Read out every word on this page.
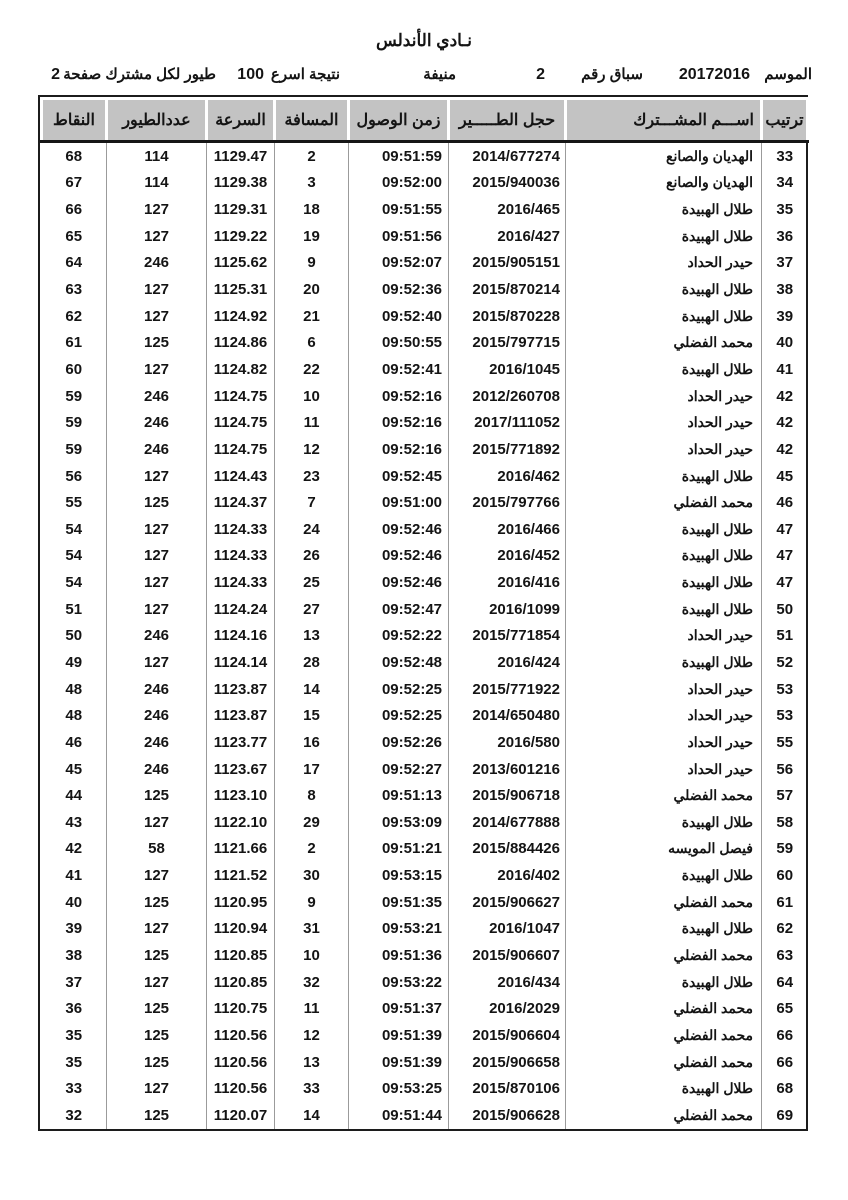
نـادي الأندلس
الموسم
20172016
سباق رقم
2
منيفة
نتيجة اسرع
100
طيور لكل مشترك صفحة
2
ترتيب	اســـم المشـــترك	حجل الطـــــير	زمن الوصول	المسافة	السرعة	عددالطيور	النقاط
33	الهديان والصانع	2014/677274	09:51:59	2	1129.47	114	68
34	الهديان والصانع	2015/940036	09:52:00	3	1129.38	114	67
35	طلال الهبيدة	2016/465	09:51:55	18	1129.31	127	66
36	طلال الهبيدة	2016/427	09:51:56	19	1129.22	127	65
37	حيدر الحداد	2015/905151	09:52:07	9	1125.62	246	64
38	طلال الهبيدة	2015/870214	09:52:36	20	1125.31	127	63
39	طلال الهبيدة	2015/870228	09:52:40	21	1124.92	127	62
40	محمد الفضلي	2015/797715	09:50:55	6	1124.86	125	61
41	طلال الهبيدة	2016/1045	09:52:41	22	1124.82	127	60
42	حيدر الحداد	2012/260708	09:52:16	10	1124.75	246	59
42	حيدر الحداد	2017/111052	09:52:16	11	1124.75	246	59
42	حيدر الحداد	2015/771892	09:52:16	12	1124.75	246	59
45	طلال الهبيدة	2016/462	09:52:45	23	1124.43	127	56
46	محمد الفضلي	2015/797766	09:51:00	7	1124.37	125	55
47	طلال الهبيدة	2016/466	09:52:46	24	1124.33	127	54
47	طلال الهبيدة	2016/452	09:52:46	26	1124.33	127	54
47	طلال الهبيدة	2016/416	09:52:46	25	1124.33	127	54
50	طلال الهبيدة	2016/1099	09:52:47	27	1124.24	127	51
51	حيدر الحداد	2015/771854	09:52:22	13	1124.16	246	50
52	طلال الهبيدة	2016/424	09:52:48	28	1124.14	127	49
53	حيدر الحداد	2015/771922	09:52:25	14	1123.87	246	48
53	حيدر الحداد	2014/650480	09:52:25	15	1123.87	246	48
55	حيدر الحداد	2016/580	09:52:26	16	1123.77	246	46
56	حيدر الحداد	2013/601216	09:52:27	17	1123.67	246	45
57	محمد الفضلي	2015/906718	09:51:13	8	1123.10	125	44
58	طلال الهبيدة	2014/677888	09:53:09	29	1122.10	127	43
59	فيصل المويسه	2015/884426	09:51:21	2	1121.66	58	42
60	طلال الهبيدة	2016/402	09:53:15	30	1121.52	127	41
61	محمد الفضلي	2015/906627	09:51:35	9	1120.95	125	40
62	طلال الهبيدة	2016/1047	09:53:21	31	1120.94	127	39
63	محمد الفضلي	2015/906607	09:51:36	10	1120.85	125	38
64	طلال الهبيدة	2016/434	09:53:22	32	1120.85	127	37
65	محمد الفضلي	2016/2029	09:51:37	11	1120.75	125	36
66	محمد الفضلي	2015/906604	09:51:39	12	1120.56	125	35
66	محمد الفضلي	2015/906658	09:51:39	13	1120.56	125	35
68	طلال الهبيدة	2015/870106	09:53:25	33	1120.56	127	33
69	محمد الفضلي	2015/906628	09:51:44	14	1120.07	125	32
